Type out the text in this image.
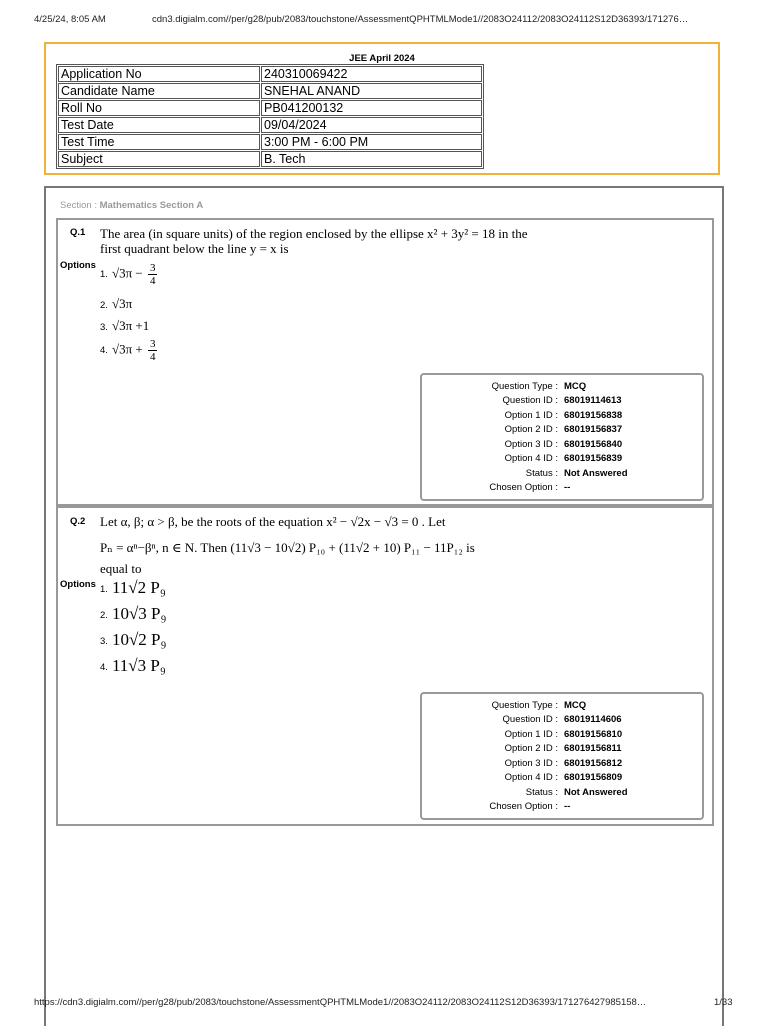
4/25/24, 8:05 AM	cdn3.digialm.com//per/g28/pub/2083/touchstone/AssessmentQPHTMLMode1//2083O24112/2083O24112S12D36393/171276…
JEE April 2024
Application No	240310069422
Candidate Name	SNEHAL ANAND
Roll No	PB041200132
Test Date	09/04/2024
Test Time	3:00 PM - 6:00 PM
Subject	B. Tech
Section : Mathematics Section A
Q.1 The area (in square units) of the region enclosed by the ellipse x² + 3y² = 18 in the
first quadrant below the line y = x is
Options
1. $√3\pi - \frac{3}{4}$
2. √3π
3. √3π +1
4. $√3\pi + \frac{3}{4}$
Question Type : MCQ
Question ID : 68019114613
Option 1 ID : 68019156838
Option 2 ID : 68019156837
Option 3 ID : 68019156840
Option 4 ID : 68019156839
Status : Not Answered
Chosen Option : --
Q.2 Let α, β; α > β, be the roots of the equation x² − √2x − √3 = 0 . Let
Pₙ = αⁿ−βⁿ, n ∈ N. Then (11√3 − 10√2) P₁₀ + (11√2 + 10) P₁₁ − 11P₁₂ is
equal to
Options 1. 11√2 P₉
2. 10√3 P₉
3. 10√2 P₉
4. 11√3 P₉
Question Type : MCQ
Question ID : 68019114606
Option 1 ID : 68019156810
Option 2 ID : 68019156811
Option 3 ID : 68019156812
Option 4 ID : 68019156809
Status : Not Answered
Chosen Option : --
https://cdn3.digialm.com//per/g28/pub/2083/touchstone/AssessmentQPHTMLMode1//2083O24112/2083O24112S12D36393/171276427985158…	1/33
